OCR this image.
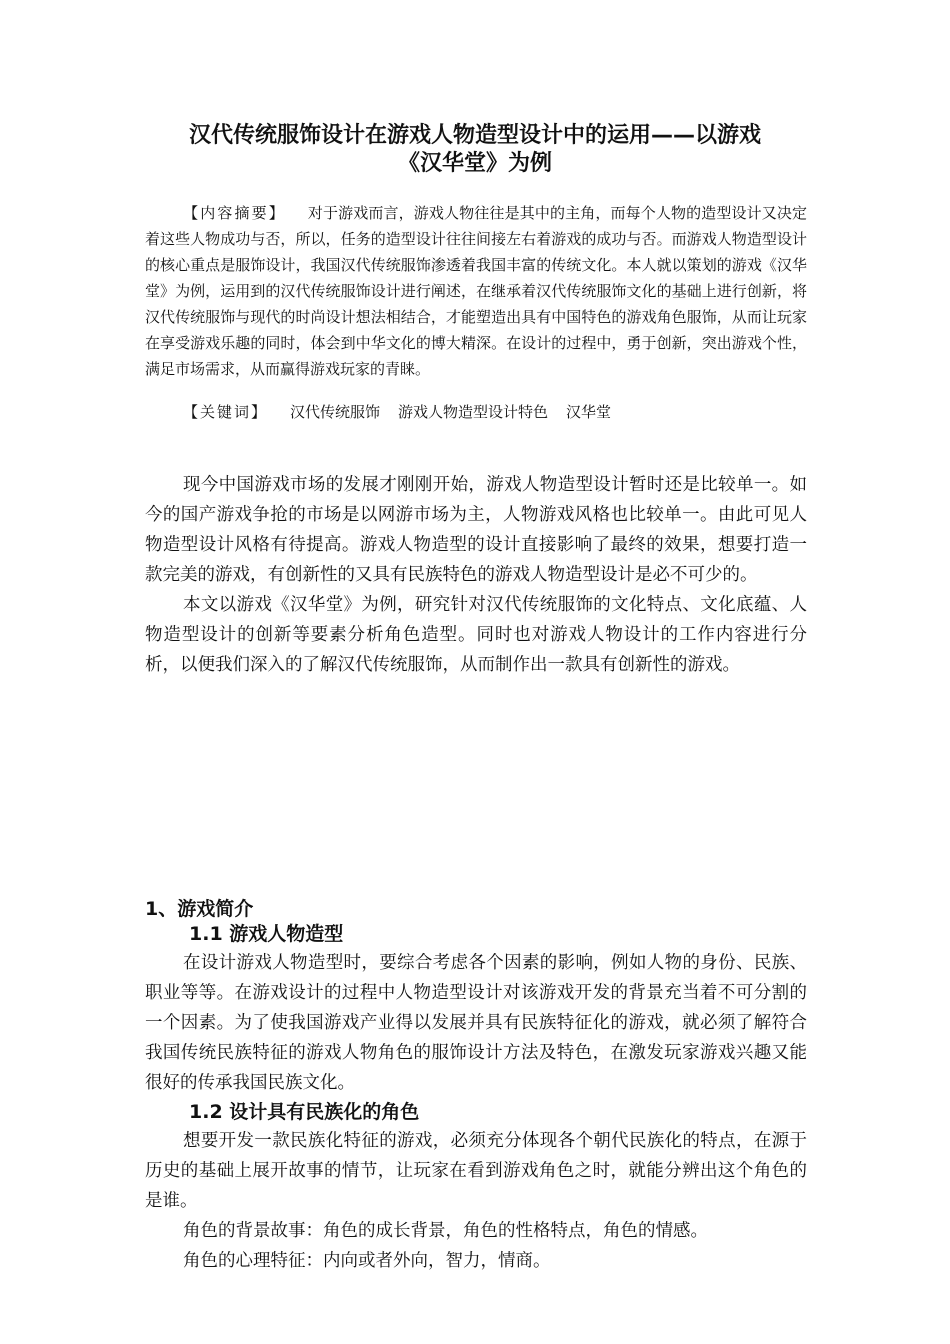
汉代传统服饰设计在游戏人物造型设计中的运用——以游戏
《汉华堂》为例

【内容摘要】 对于游戏而言，游戏人物往往是其中的主角，而每个人物的造型设计又决定着这些人物成功与否，所以，任务的造型设计往往间接左右着游戏的成功与否。而游戏人物造型设计的核心重点是服饰设计，我国汉代传统服饰渗透着我国丰富的传统文化。本人就以策划的游戏《汉华堂》为例，运用到的汉代传统服饰设计进行阐述，在继承着汉代传统服饰文化的基础上进行创新，将汉代传统服饰与现代的时尚设计想法相结合，才能塑造出具有中国特色的游戏角色服饰，从而让玩家在享受游戏乐趣的同时，体会到中华文化的博大精深。在设计的过程中，勇于创新，突出游戏个性，满足市场需求，从而赢得游戏玩家的青睐。

【关键词】 汉代传统服饰 游戏人物造型设计特色 汉华堂

现今中国游戏市场的发展才刚刚开始，游戏人物造型设计暂时还是比较单一。如今的国产游戏争抢的市场是以网游市场为主，人物游戏风格也比较单一。由此可见人物造型设计风格有待提高。游戏人物造型的设计直接影响了最终的效果，想要打造一款完美的游戏，有创新性的又具有民族特色的游戏人物造型设计是必不可少的。

本文以游戏《汉华堂》为例，研究针对汉代传统服饰的文化特点、文化底蕴、人物造型设计的创新等要素分析角色造型。同时也对游戏人物设计的工作内容进行分析，以便我们深入的了解汉代传统服饰，从而制作出一款具有创新性的游戏。

1、游戏简介
1.1 游戏人物造型

在设计游戏人物造型时，要综合考虑各个因素的影响，例如人物的身份、民族、职业等等。在游戏设计的过程中人物造型设计对该游戏开发的背景充当着不可分割的一个因素。为了使我国游戏产业得以发展并具有民族特征化的游戏，就必须了解符合我国传统民族特征的游戏人物角色的服饰设计方法及特色，在激发玩家游戏兴趣又能很好的传承我国民族文化。

1.2 设计具有民族化的角色

想要开发一款民族化特征的游戏，必须充分体现各个朝代民族化的特点，在源于历史的基础上展开故事的情节，让玩家在看到游戏角色之时，就能分辨出这个角色的是谁。

角色的背景故事：角色的成长背景，角色的性格特点，角色的情感。

角色的心理特征：内向或者外向，智力，情商。
